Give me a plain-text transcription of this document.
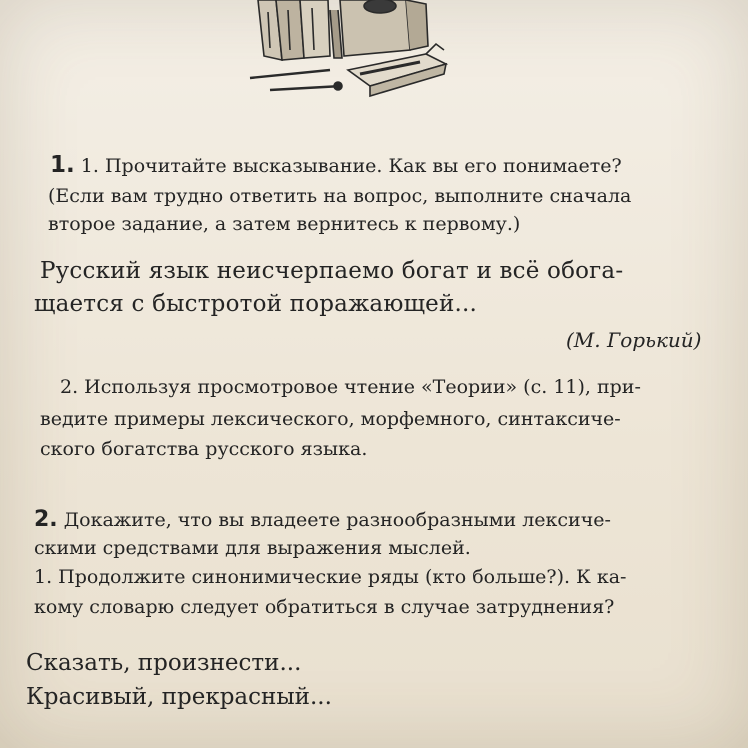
1. 1. Прочитайте высказывание. Как вы его понимаете?
(Если вам трудно ответить на вопрос, выполните сначала
второе задание, а затем вернитесь к первому.)
Русский язык неисчерпаемо богат и всё обога-
щается с быстротой поражающей...
(М. Горький)
2. Используя просмотровое чтение «Теории» (с. 11), при-
ведите примеры лексического, морфемного, синтаксиче-
ского богатства русского языка.
2. Докажите, что вы владеете разнообразными лексиче-
скими средствами для выражения мыслей.
1. Продолжите синонимические ряды (кто больше?). К ка-
кому словарю следует обратиться в случае затруднения?
Сказать, произнести...
Красивый, прекрасный...
